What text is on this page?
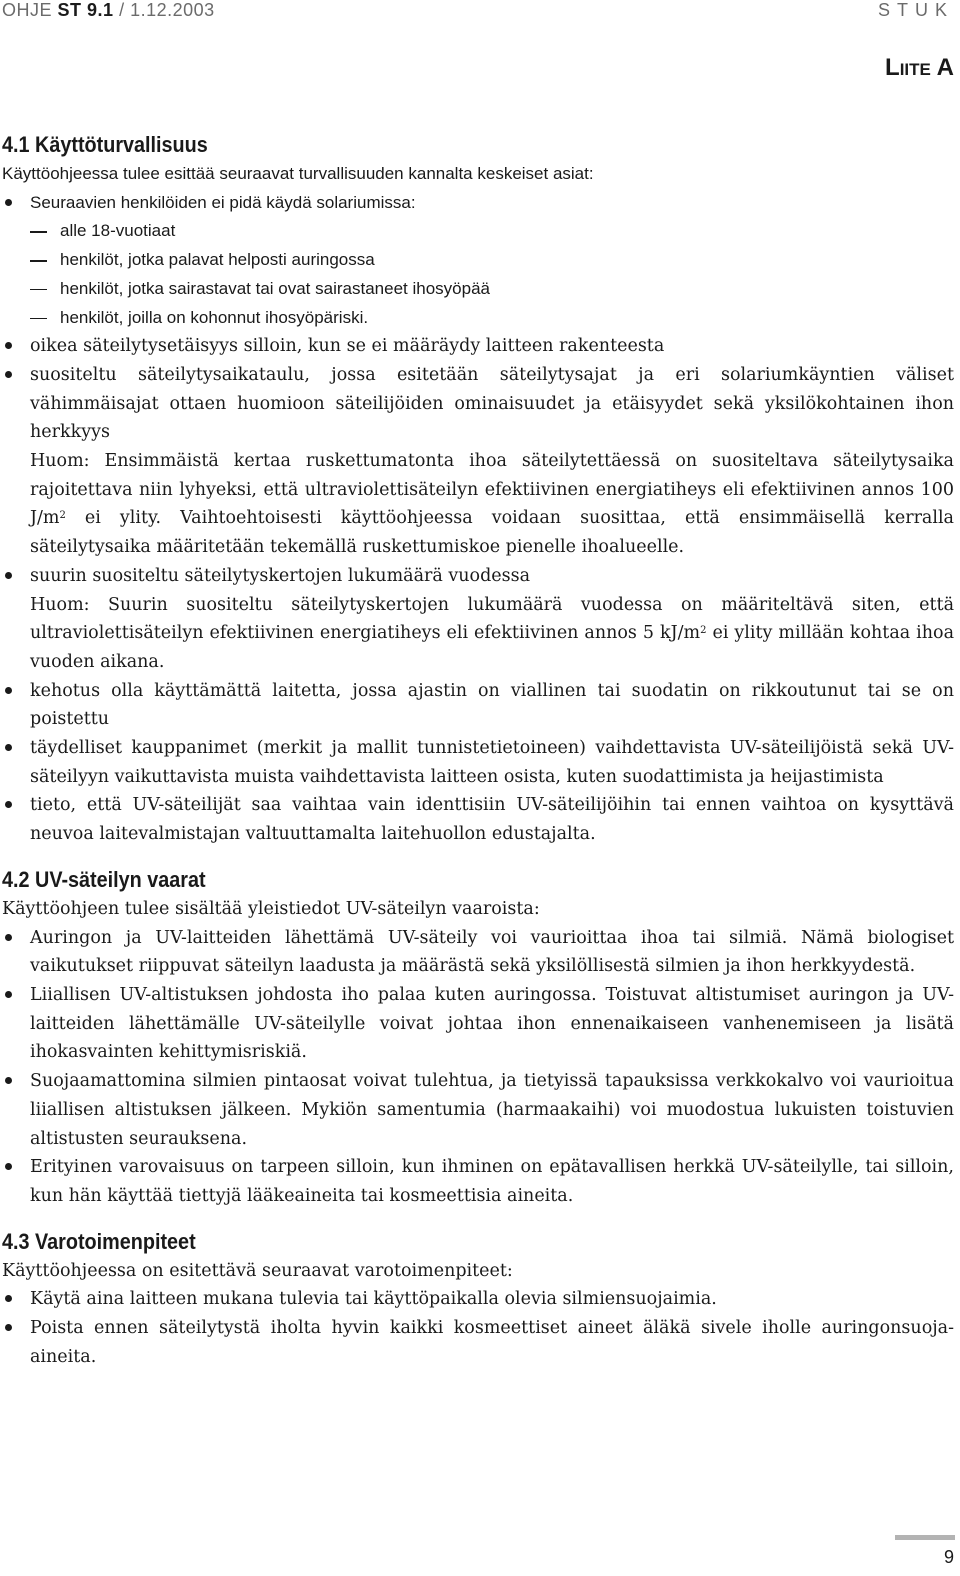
OHJE ST 9.1 / 1.12.2003	STUK
Liite A
4.1 Käyttöturvallisuus

Käyttöohjeessa tulee esittää seuraavat turvallisuuden kannalta keskeiset asiat:

Seuraavien henkilöiden ei pidä käydä solariumissa:
alle 18-vuotiaat
henkilöt, jotka palavat helposti auringossa
henkilöt, jotka sairastavat tai ovat sairastaneet ihosyöpää
henkilöt, joilla on kohonnut ihosyöpäriski.
oikea säteilytysetäisyys silloin, kun se ei määräydy laitteen rakenteesta
suositeltu säteilytysaikataulu, jossa esitetään säteilytysajat ja eri solariumkäyntien väliset vähimmäisajat ottaen huomioon säteilijöiden ominaisuudet ja etäisyydet sekä yksilökohtainen ihon herkkyys
Huom: Ensimmäistä kertaa ruskettumatonta ihoa säteilytettäessä on suositeltava säteilytysaika rajoitettava niin lyhyeksi, että ultraviolettisäteilyn efektiivinen energiatiheys eli efektiivinen annos 100 $J/m^2$ ei ylity. Vaihtoehtoisesti käyttöohjeessa voidaan suosittaa, että ensimmäisellä kerralla säteilytysaika määritetään tekemällä ruskettumiskoe pienelle ihoalueelle.
suurin suositeltu säteilytyskertojen lukumäärä vuodessa
Huom: Suurin suositeltu säteilytyskertojen lukumäärä vuodessa on määriteltävä siten, että ultraviolettisäteilyn efektiivinen energiatiheys eli efektiivinen annos 5 $kJ/m^2$ ei ylity millään kohtaa ihoa vuoden aikana.
kehotus olla käyttämättä laitetta, jossa ajastin on viallinen tai suodatin on rikkoutunut tai se on poistettu
täydelliset kauppanimet (merkit ja mallit tunnistetietoineen) vaihdettavista UV-säteilijöistä sekä UV-säteilyyn vaikuttavista muista vaihdettavista laitteen osista, kuten suodattimista ja heijastimista
tieto, että UV-säteilijät saa vaihtaa vain identtisiin UV-säteilijöihin tai ennen vaihtoa on kysyttävä neuvoa laitevalmistajan valtuuttamalta laitehuollon edustajalta.
4.2 UV-säteilyn vaarat

Käyttöohjeen tulee sisältää yleistiedot UV-säteilyn vaaroista:

Auringon ja UV-laitteiden lähettämä UV-säteily voi vaurioittaa ihoa tai silmiä. Nämä biologiset vaikutukset riippuvat säteilyn laadusta ja määrästä sekä yksilöllisestä silmien ja ihon herkkyydestä.
Liiallisen UV-altistuksen johdosta iho palaa kuten auringossa. Toistuvat altistumiset auringon ja UV-laitteiden lähettämälle UV-säteilylle voivat johtaa ihon ennenaikaiseen vanhenemiseen ja lisätä ihokasvainten kehittymisriskiä.
Suojaamattomina silmien pintaosat voivat tulehtua, ja tietyissä tapauksissa verkkokalvo voi vaurioitua liiallisen altistuksen jälkeen. Mykiön samentumia (harmaakaihi) voi muodostua lukuisten toistuvien altistusten seurauksena.
Erityinen varovaisuus on tarpeen silloin, kun ihminen on epätavallisen herkkä UV-säteilylle, tai silloin, kun hän käyttää tiettyjä lääkeaineita tai kosmeettisia aineita.
4.3 Varotoimenpiteet

Käyttöohjeessa on esitettävä seuraavat varotoimenpiteet:

Käytä aina laitteen mukana tulevia tai käyttöpaikalla olevia silmiensuojaimia.
Poista ennen säteilytystä iholta hyvin kaikki kosmeettiset aineet äläkä sivele iholle auringonsuoja-aineita.
9
